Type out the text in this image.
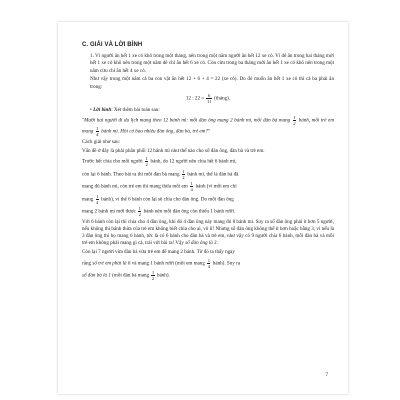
C. GIẢI VÀ LỜI BÌNH

1. Vì người ăn hết 1 xe cỏ khô trong một tháng, nên trong một năm người ăn hết 12 xe cỏ. Vì dê ăn trong hai tháng mới hết 1 xe cỏ khô nên trong một năm dê chỉ ăn hết 6 xe cỏ. Còn cừu trong ba tháng mới ăn hết 1 xe cỏ khô nên trong một năm cừu chỉ ăn hết 4 xe cỏ.

Như vậy trong một năm cả ba con vật ăn hết 12 + 6 + 4 = 22 (xe cỏ). Do đó muốn ăn hết 1 xe cỏ thì cả ba phải ăn trong:

12 : $22 = \frac{6}{11}$ (tháng).

• Lời bình: Xét thêm bài toán sau:

"Mười hai người đi du lịch mang theo 12 bánh mì: mỗi đàn ông mang 2 bánh mì, mỗi đàn bà mang $\frac{1}{2}$ bánh, mỗi trẻ em mang $\frac{1}{4}$ bánh mì. Hỏi có bao nhiêu đàn ông, đàn bà, trẻ em?"

Cách giải như sau:

Vấn đề ở đây là phải phân phối 12 bánh mì như thế nào cho số đàn ông, đàn bà và trẻ em.

Trước hết chia cho mỗi người $\frac{1}{2}$ bánh, do 12 người nên chia hết 6 bánh mì,

còn lại 6 bánh. Theo bài ra thì mỗi đàn bà mang $\frac{1}{2}$ bánh mì, thế là đàn bà đã

mang đủ bánh mì, còn trẻ em thì mang thừa mỗi em $\frac{1}{4}$ bánh (vì mỗi em chỉ

mang $\frac{1}{4}$ bánh), vì thế 6 bánh còn lại sẽ chia cho đàn ông. Do mỗi đàn ông

mang 2 bánh mì mới được $\frac{1}{2}$ bánh nên mỗi đàn ông còn thiếu 1 bánh rưỡi.

Với 6 bánh còn lại thì chia cho 4 đàn ông, khi đó 4 đàn ông này mang đủ 8 bánh mì. Suy ra số đàn ông phải ít hơn 5 người, nếu không thì bánh thừa của trẻ em không biết chia cho ai, vô lí! Nhưng số đàn ông không thể ít hơn hoặc bằng 3, vì nếu là 3 đàn ông thì họ mang 6 bánh, tức là có 6 bánh cho đàn bà và trẻ em, như vậy có 9 người chia 6 bánh, mỗi đàn bà và mỗi trẻ em không phải mang gì cả, trái với bài ra! Vậy số đàn ông là 3.

Còn lại 7 người vừa đàn bà vừa trẻ em để mang 2 bánh. Từ đó ta thấy ngay

rằng số trẻ em phải là 6 và mang 1 bánh rưỡi (mỗi em mang $\frac{1}{4}$ bánh). Suy ra

số đàn bà là 1 (mỗi đàn bà mang $\frac{1}{2}$ bánh).

7
